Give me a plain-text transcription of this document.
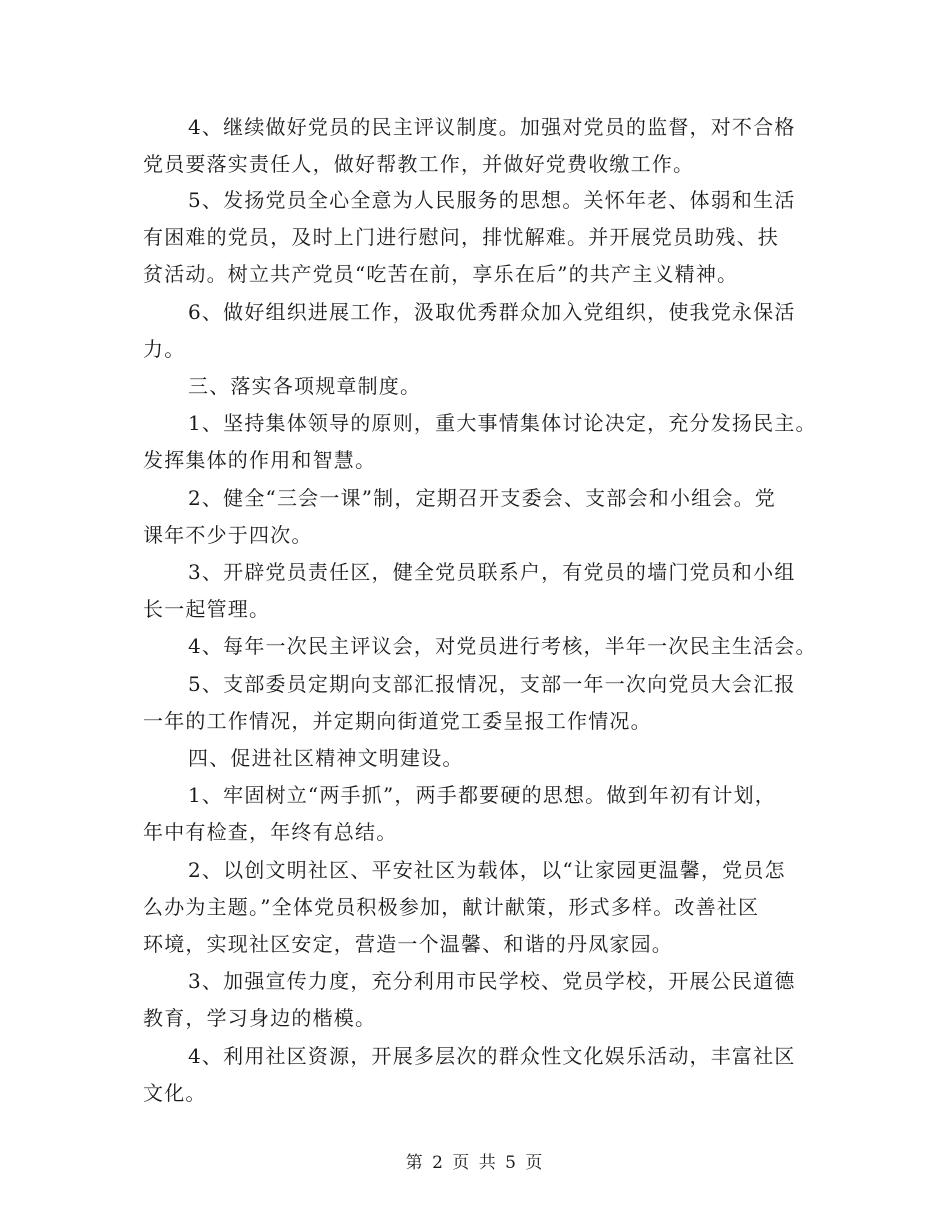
4、继续做好党员的民主评议制度。加强对党员的监督，对不合格
党员要落实责任人，做好帮教工作，并做好党费收缴工作。
5、发扬党员全心全意为人民服务的思想。关怀年老、体弱和生活
有困难的党员，及时上门进行慰问，排忧解难。并开展党员助残、扶
贫活动。树立共产党员“吃苦在前，享乐在后”的共产主义精神。
6、做好组织进展工作，汲取优秀群众加入党组织，使我党永保活
力。
三、落实各项规章制度。
1、坚持集体领导的原则，重大事情集体讨论决定，充分发扬民主。
发挥集体的作用和智慧。
2、健全“三会一课”制，定期召开支委会、支部会和小组会。党
课年不少于四次。
3、开辟党员责任区，健全党员联系户，有党员的墙门党员和小组
长一起管理。
4、每年一次民主评议会，对党员进行考核，半年一次民主生活会。
5、支部委员定期向支部汇报情况，支部一年一次向党员大会汇报
一年的工作情况，并定期向街道党工委呈报工作情况。
四、促进社区精神文明建设。
1、牢固树立“两手抓”，两手都要硬的思想。做到年初有计划，
年中有检查，年终有总结。
2、以创文明社区、平安社区为载体，以“让家园更温馨，党员怎
么办为主题。”全体党员积极参加，献计献策，形式多样。改善社区
环境，实现社区安定，营造一个温馨、和谐的丹凤家园。
3、加强宣传力度，充分利用市民学校、党员学校，开展公民道德
教育，学习身边的楷模。
4、利用社区资源，开展多层次的群众性文化娱乐活动，丰富社区
文化。
第 2 页 共 5 页
